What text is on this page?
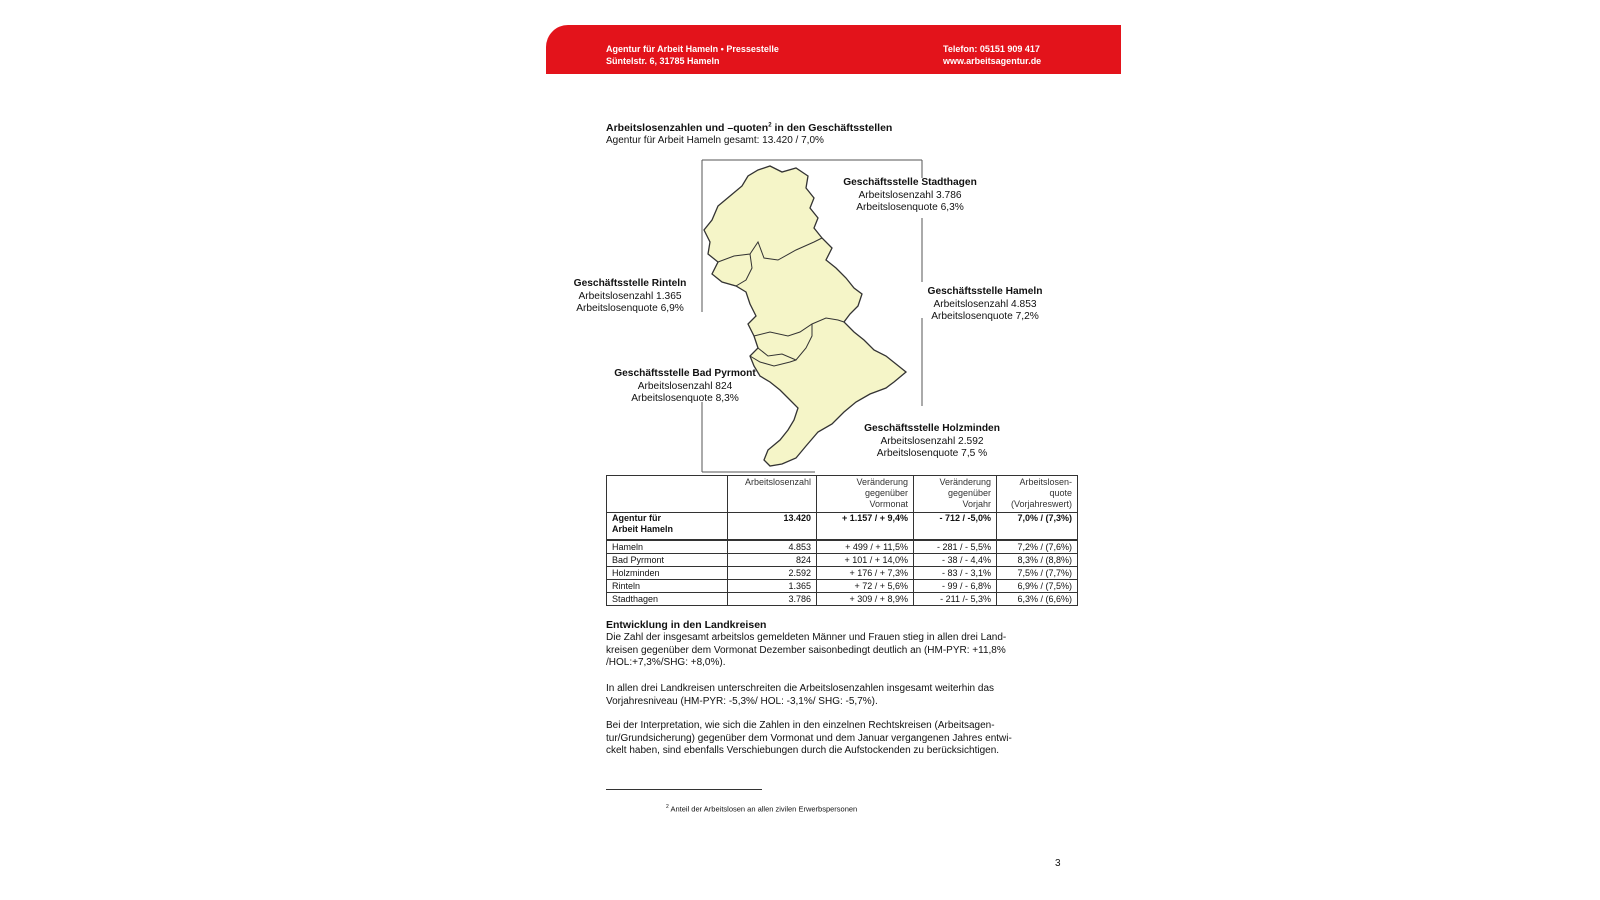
Agentur für Arbeit Hameln • Pressestelle
Süntelstr. 6, 31785 Hameln
Telefon: 05151 909 417
www.arbeitsagentur.de
Arbeitslosenzahlen und –quoten$^2$ in den Geschäftsstellen
Agentur für Arbeit Hameln gesamt: 13.420 / 7,0%
Geschäftsstelle Stadthagen
Arbeitslosenzahl 3.786
Arbeitslosenquote 6,3%
Geschäftsstelle Rinteln
Arbeitslosenzahl 1.365
Arbeitslosenquote 6,9%
Geschäftsstelle Hameln
Arbeitslosenzahl 4.853
Arbeitslosenquote 7,2%
Geschäftsstelle Bad Pyrmont
Arbeitslosenzahl 824
Arbeitslosenquote 8,3%
Geschäftsstelle Holzminden
Arbeitslosenzahl 2.592
Arbeitslosenquote 7,5 %
	Arbeitslosenzahl	Veränderung
gegenüber
Vormonat	Veränderung
gegenüber
Vorjahr	Arbeitslosen-
quote
(Vorjahreswert)
Agentur für
Arbeit Hameln	13.420	+ 1.157 / + 9,4%	- 712 / -5,0%	7,0% / (7,3%)
Hameln	4.853	+ 499 / + 11,5%	- 281 / - 5,5%	7,2% / (7,6%)
Bad Pyrmont	824	+ 101 / + 14,0%	- 38 / - 4,4%	8,3% / (8,8%)
Holzminden	2.592	+ 176 / + 7,3%	- 83 / - 3,1%	7,5% / (7,7%)
Rinteln	1.365	+ 72 / + 5,6%	- 99 / - 6,8%	6,9% / (7,5%)
Stadthagen	3.786	+ 309 / + 8,9%	- 211 /- 5,3%	6,3% / (6,6%)
Entwicklung in den Landkreisen
Die Zahl der insgesamt arbeitslos gemeldeten Männer und Frauen stieg in allen drei Land-
kreisen gegenüber dem Vormonat Dezember saisonbedingt deutlich an (HM-PYR: +11,8%
/HOL:+7,3%/SHG: +8,0%).
In allen drei Landkreisen unterschreiten die Arbeitslosenzahlen insgesamt weiterhin das
Vorjahresniveau (HM-PYR: -5,3%/ HOL: -3,1%/ SHG: -5,7%).
Bei der Interpretation, wie sich die Zahlen in den einzelnen Rechtskreisen (Arbeitsagen-
tur/Grundsicherung) gegenüber dem Vormonat und dem Januar vergangenen Jahres entwi-
ckelt haben, sind ebenfalls Verschiebungen durch die Aufstockenden zu berücksichtigen.
$^2$ Anteil der Arbeitslosen an allen zivilen Erwerbspersonen
3
